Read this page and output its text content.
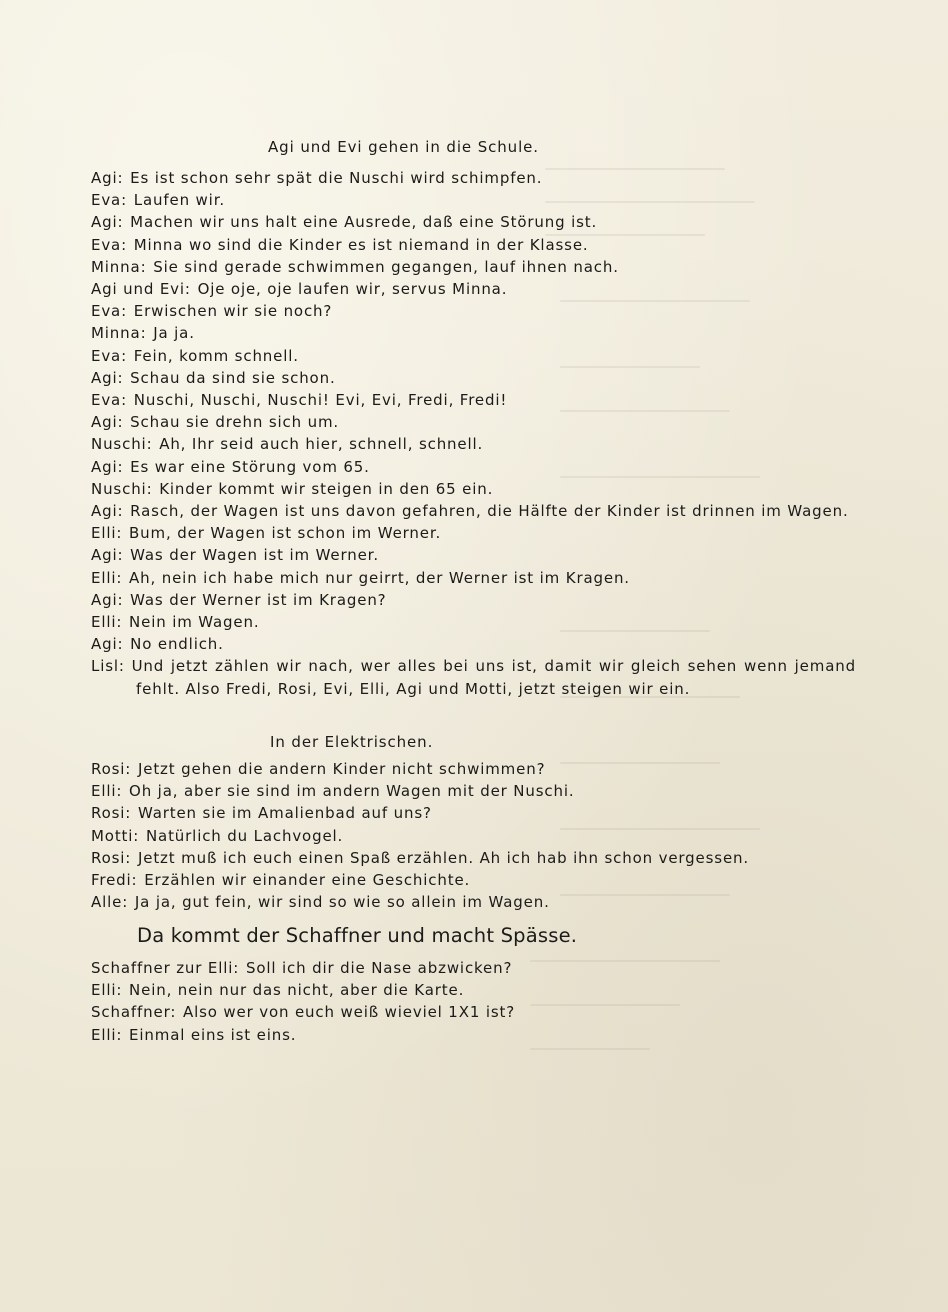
Agi und Evi gehen in die Schule.
Agi: Es ist schon sehr spät die Nuschi wird schimpfen.
Eva: Laufen wir.
Agi: Machen wir uns halt eine Ausrede, daß eine Störung ist.
Eva: Minna wo sind die Kinder es ist niemand in der Klasse.
Minna: Sie sind gerade schwimmen gegangen, lauf ihnen nach.
Agi und Evi: Oje oje, oje laufen wir, servus Minna.
Eva: Erwischen wir sie noch?
Minna: Ja ja.
Eva: Fein, komm schnell.
Agi: Schau da sind sie schon.
Eva: Nuschi, Nuschi, Nuschi! Evi, Evi, Fredi, Fredi!
Agi: Schau sie drehn sich um.
Nuschi: Ah, Ihr seid auch hier, schnell, schnell.
Agi: Es war eine Störung vom 65.
Nuschi: Kinder kommt wir steigen in den 65 ein.
Agi: Rasch, der Wagen ist uns davon gefahren, die Hälfte der Kinder ist drinnen im Wagen.
Elli: Bum, der Wagen ist schon im Werner.
Agi: Was der Wagen ist im Werner.
Elli: Ah, nein ich habe mich nur geirrt, der Werner ist im Kragen.
Agi: Was der Werner ist im Kragen?
Elli: Nein im Wagen.
Agi: No endlich.
Lisl: Und jetzt zählen wir nach, wer alles bei uns ist, damit wir gleich sehen wenn jemand fehlt. Also Fredi, Rosi, Evi, Elli, Agi und Motti, jetzt steigen wir ein.
In der Elektrischen.
Rosi: Jetzt gehen die andern Kinder nicht schwimmen?
Elli: Oh ja, aber sie sind im andern Wagen mit der Nuschi.
Rosi: Warten sie im Amalienbad auf uns?
Motti: Natürlich du Lachvogel.
Rosi: Jetzt muß ich euch einen Spaß erzählen. Ah ich hab ihn schon vergessen.
Fredi: Erzählen wir einander eine Geschichte.
Alle: Ja ja, gut fein, wir sind so wie so allein im Wagen.
Da kommt der Schaffner und macht Spässe.
Schaffner zur Elli: Soll ich dir die Nase abzwicken?
Elli: Nein, nein nur das nicht, aber die Karte.
Schaffner: Also wer von euch weiß wieviel 1X1 ist?
Elli: Einmal eins ist eins.
